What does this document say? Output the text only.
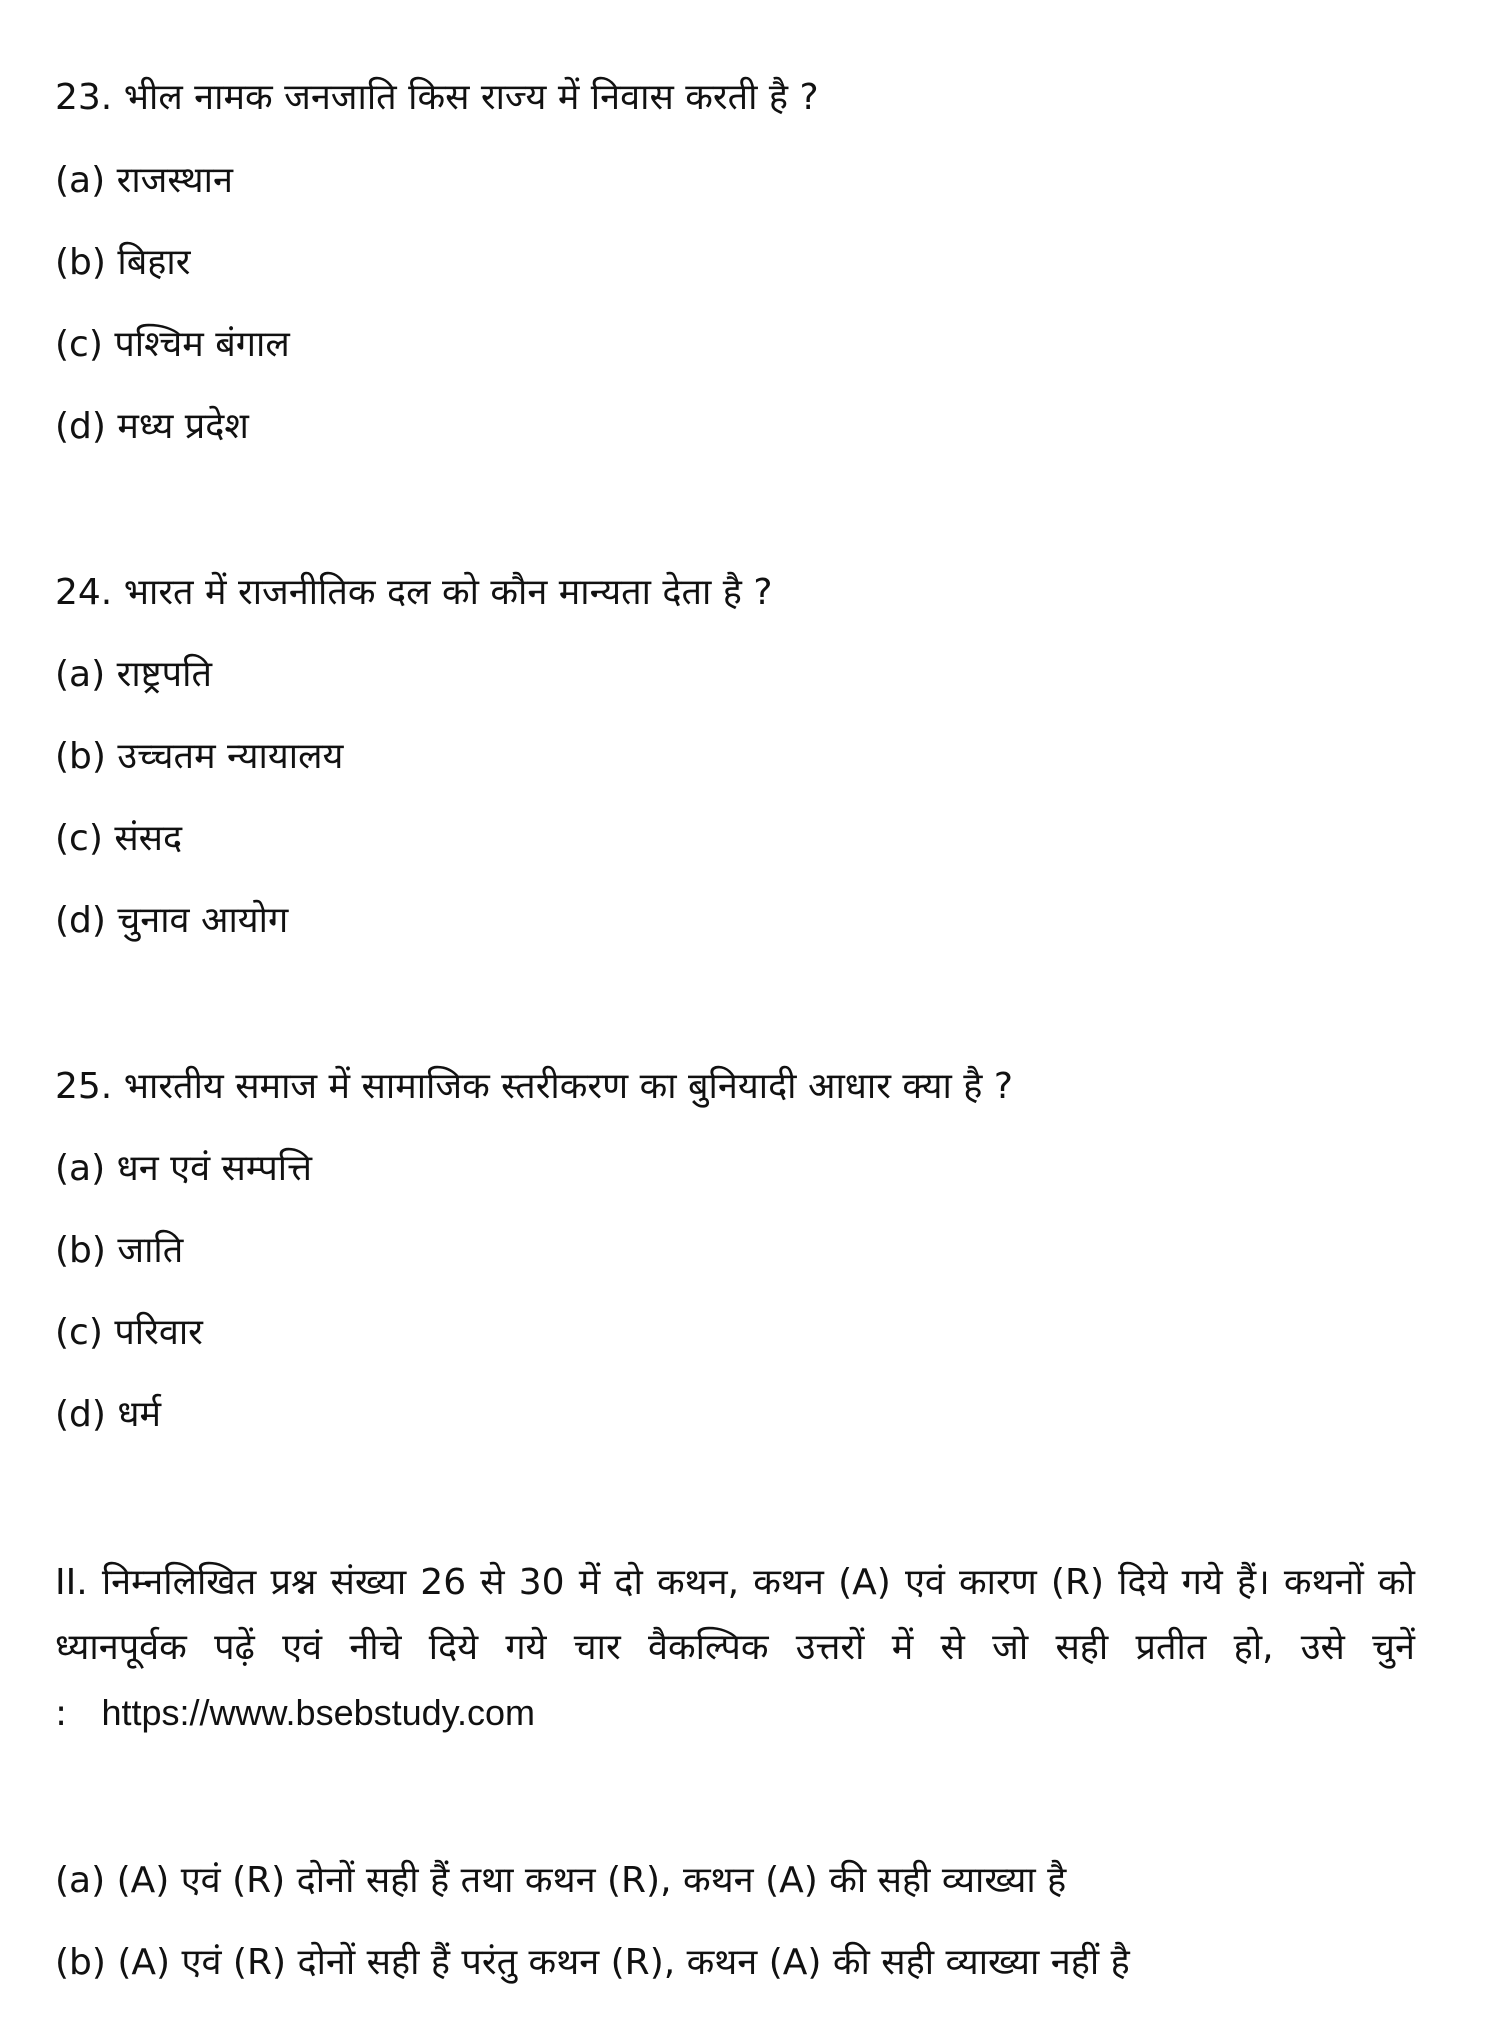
23. भील नामक जनजाति किस राज्य में निवास करती है ?
(a) राजस्थान
(b) बिहार
(c) पश्चिम बंगाल
(d) मध्य प्रदेश
24. भारत में राजनीतिक दल को कौन मान्यता देता है ?
(a) राष्ट्रपति
(b) उच्चतम न्यायालय
(c) संसद
(d) चुनाव आयोग
25. भारतीय समाज में सामाजिक स्तरीकरण का बुनियादी आधार क्या है ?
(a) धन एवं सम्पत्ति
(b) जाति
(c) परिवार
(d) धर्म
II. निम्नलिखित प्रश्न संख्या 26 से 30 में दो कथन, कथन (A) एवं कारण (R) दिये गये हैं। कथनों को ध्यानपूर्वक पढ़ें एवं नीचे दिये गये चार वैकल्पिक उत्तरों में से जो सही प्रतीत हो, उसे चुनें : https://www.bsebstudy.com
(a) (A) एवं (R) दोनों सही हैं तथा कथन (R), कथन (A) की सही व्याख्या है
(b) (A) एवं (R) दोनों सही हैं परंतु कथन (R), कथन (A) की सही व्याख्या नहीं है
